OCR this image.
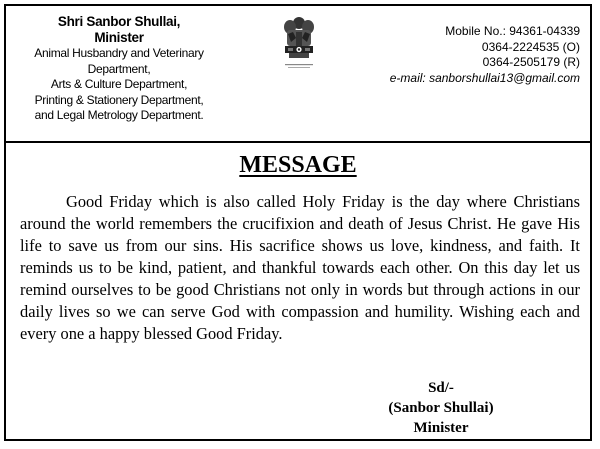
Shri Sanbor Shullai,
Minister
Animal Husbandry and Veterinary
Department,
Arts & Culture Department,
Printing & Stationery Department,
and Legal Metrology Department.
Mobile No.: 94361-04339
0364-2224535 (O)
0364-2505179 (R)
e-mail: sanborshullai13@gmail.com
MESSAGE

Good Friday which is also called Holy Friday is the day where Christians around the world remembers the crucifixion and death of Jesus Christ. He gave His life to save us from our sins. His sacrifice shows us love, kindness, and faith. It reminds us to be kind, patient, and thankful towards each other. On this day let us remind ourselves to be good Christians not only in words but through actions in our daily lives so we can serve God with compassion and humility. Wishing each and every one a happy blessed Good Friday.

Sd/-
(Sanbor Shullai)
Minister
